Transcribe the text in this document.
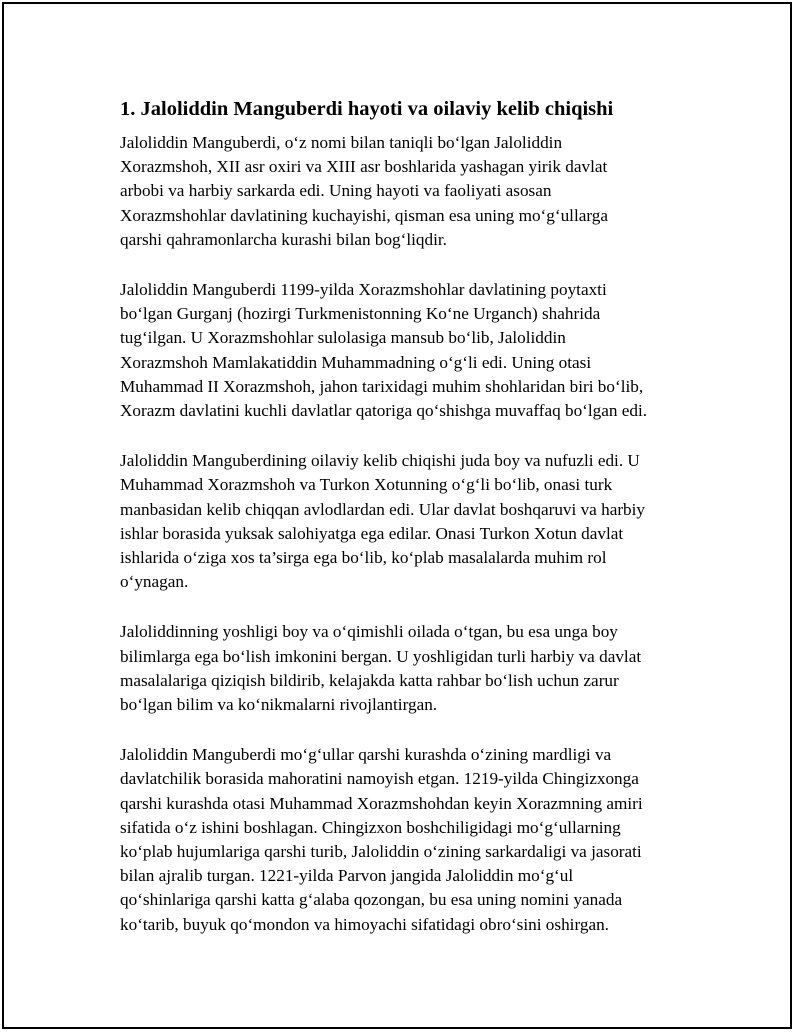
1. Jaloliddin Manguberdi hayoti va oilaviy kelib chiqishi
Jaloliddin Manguberdi, o‘z nomi bilan taniqli bo‘lgan Jaloliddin
Xorazmshoh, XII asr oxiri va XIII asr boshlarida yashagan yirik davlat
arbobi va harbiy sarkarda edi. Uning hayoti va faoliyati asosan
Xorazmshohlar davlatining kuchayishi, qisman esa uning mo‘g‘ullarga
qarshi qahramonlarcha kurashi bilan bog‘liqdir.
Jaloliddin Manguberdi 1199-yilda Xorazmshohlar davlatining poytaxti
bo‘lgan Gurganj (hozirgi Turkmenistonning Ko‘ne Urganch) shahrida
tug‘ilgan. U Xorazmshohlar sulolasiga mansub bo‘lib, Jaloliddin
Xorazmshoh Mamlakatiddin Muhammadning o‘g‘li edi. Uning otasi
Muhammad II Xorazmshoh, jahon tarixidagi muhim shohlaridan biri bo‘lib,
Xorazm davlatini kuchli davlatlar qatoriga qo‘shishga muvaffaq bo‘lgan edi.
Jaloliddin Manguberdining oilaviy kelib chiqishi juda boy va nufuzli edi. U
Muhammad Xorazmshoh va Turkon Xotunning o‘g‘li bo‘lib, onasi turk
manbasidan kelib chiqqan avlodlardan edi. Ular davlat boshqaruvi va harbiy
ishlar borasida yuksak salohiyatga ega edilar. Onasi Turkon Xotun davlat
ishlarida o‘ziga xos ta’sirga ega bo‘lib, ko‘plab masalalarda muhim rol
o‘ynagan.
Jaloliddinning yoshligi boy va o‘qimishli oilada o‘tgan, bu esa unga boy
bilimlarga ega bo‘lish imkonini bergan. U yoshligidan turli harbiy va davlat
masalalariga qiziqish bildirib, kelajakda katta rahbar bo‘lish uchun zarur
bo‘lgan bilim va ko‘nikmalarni rivojlantirgan.
Jaloliddin Manguberdi mo‘g‘ullar qarshi kurashda o‘zining mardligi va
davlatchilik borasida mahoratini namoyish etgan. 1219-yilda Chingizxonga
qarshi kurashda otasi Muhammad Xorazmshohdan keyin Xorazmning amiri
sifatida o‘z ishini boshlagan. Chingizxon boshchiligidagi mo‘g‘ullarning
ko‘plab hujumlariga qarshi turib, Jaloliddin o‘zining sarkardaligi va jasorati
bilan ajralib turgan. 1221-yilda Parvon jangida Jaloliddin mo‘g‘ul
qo‘shinlariga qarshi katta g‘alaba qozongan, bu esa uning nomini yanada
ko‘tarib, buyuk qo‘mondon va himoyachi sifatidagi obro‘sini oshirgan.
